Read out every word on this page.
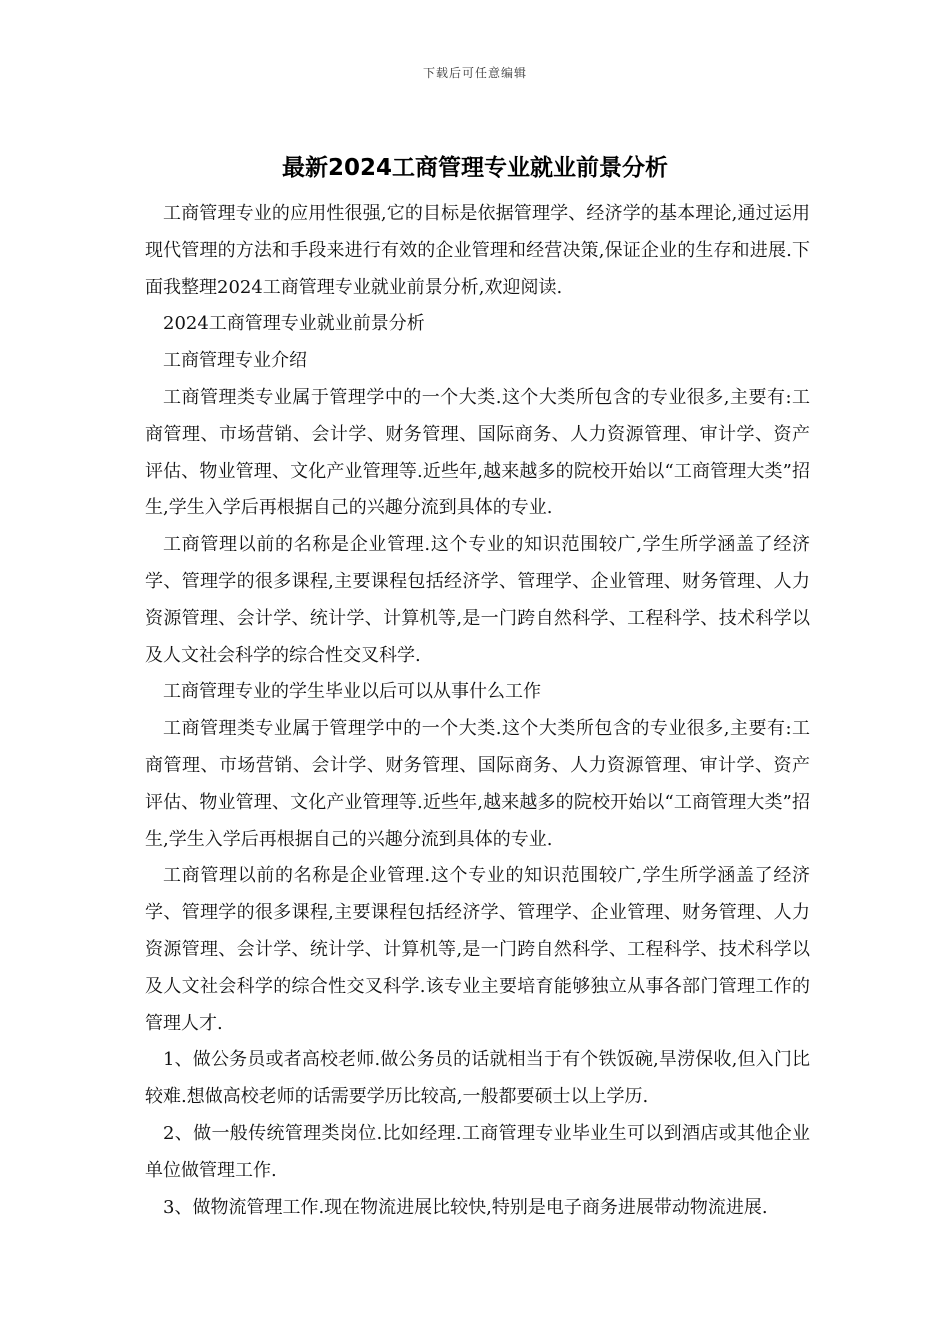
下载后可任意编辑
最新2024工商管理专业就业前景分析

工商管理专业的应用性很强,它的目标是依据管理学、经济学的基本理论,通过运用现代管理的方法和手段来进行有效的企业管理和经营决策,保证企业的生存和进展.下面我整理2024工商管理专业就业前景分析,欢迎阅读.

2024工商管理专业就业前景分析

工商管理专业介绍

工商管理类专业属于管理学中的一个大类.这个大类所包含的专业很多,主要有:工商管理、市场营销、会计学、财务管理、国际商务、人力资源管理、审计学、资产评估、物业管理、文化产业管理等.近些年,越来越多的院校开始以“工商管理大类”招生,学生入学后再根据自己的兴趣分流到具体的专业.

工商管理以前的名称是企业管理.这个专业的知识范围较广,学生所学涵盖了经济学、管理学的很多课程,主要课程包括经济学、管理学、企业管理、财务管理、人力资源管理、会计学、统计学、计算机等,是一门跨自然科学、工程科学、技术科学以及人文社会科学的综合性交叉科学.

工商管理专业的学生毕业以后可以从事什么工作

工商管理类专业属于管理学中的一个大类.这个大类所包含的专业很多,主要有:工商管理、市场营销、会计学、财务管理、国际商务、人力资源管理、审计学、资产评估、物业管理、文化产业管理等.近些年,越来越多的院校开始以“工商管理大类”招生,学生入学后再根据自己的兴趣分流到具体的专业.

工商管理以前的名称是企业管理.这个专业的知识范围较广,学生所学涵盖了经济学、管理学的很多课程,主要课程包括经济学、管理学、企业管理、财务管理、人力资源管理、会计学、统计学、计算机等,是一门跨自然科学、工程科学、技术科学以及人文社会科学的综合性交叉科学.该专业主要培育能够独立从事各部门管理工作的管理人才.

1、做公务员或者高校老师.做公务员的话就相当于有个铁饭碗,旱涝保收,但入门比较难.想做高校老师的话需要学历比较高,一般都要硕士以上学历.

2、做一般传统管理类岗位.比如经理.工商管理专业毕业生可以到酒店或其他企业单位做管理工作.

3、做物流管理工作.现在物流进展比较快,特别是电子商务进展带动物流进展.
